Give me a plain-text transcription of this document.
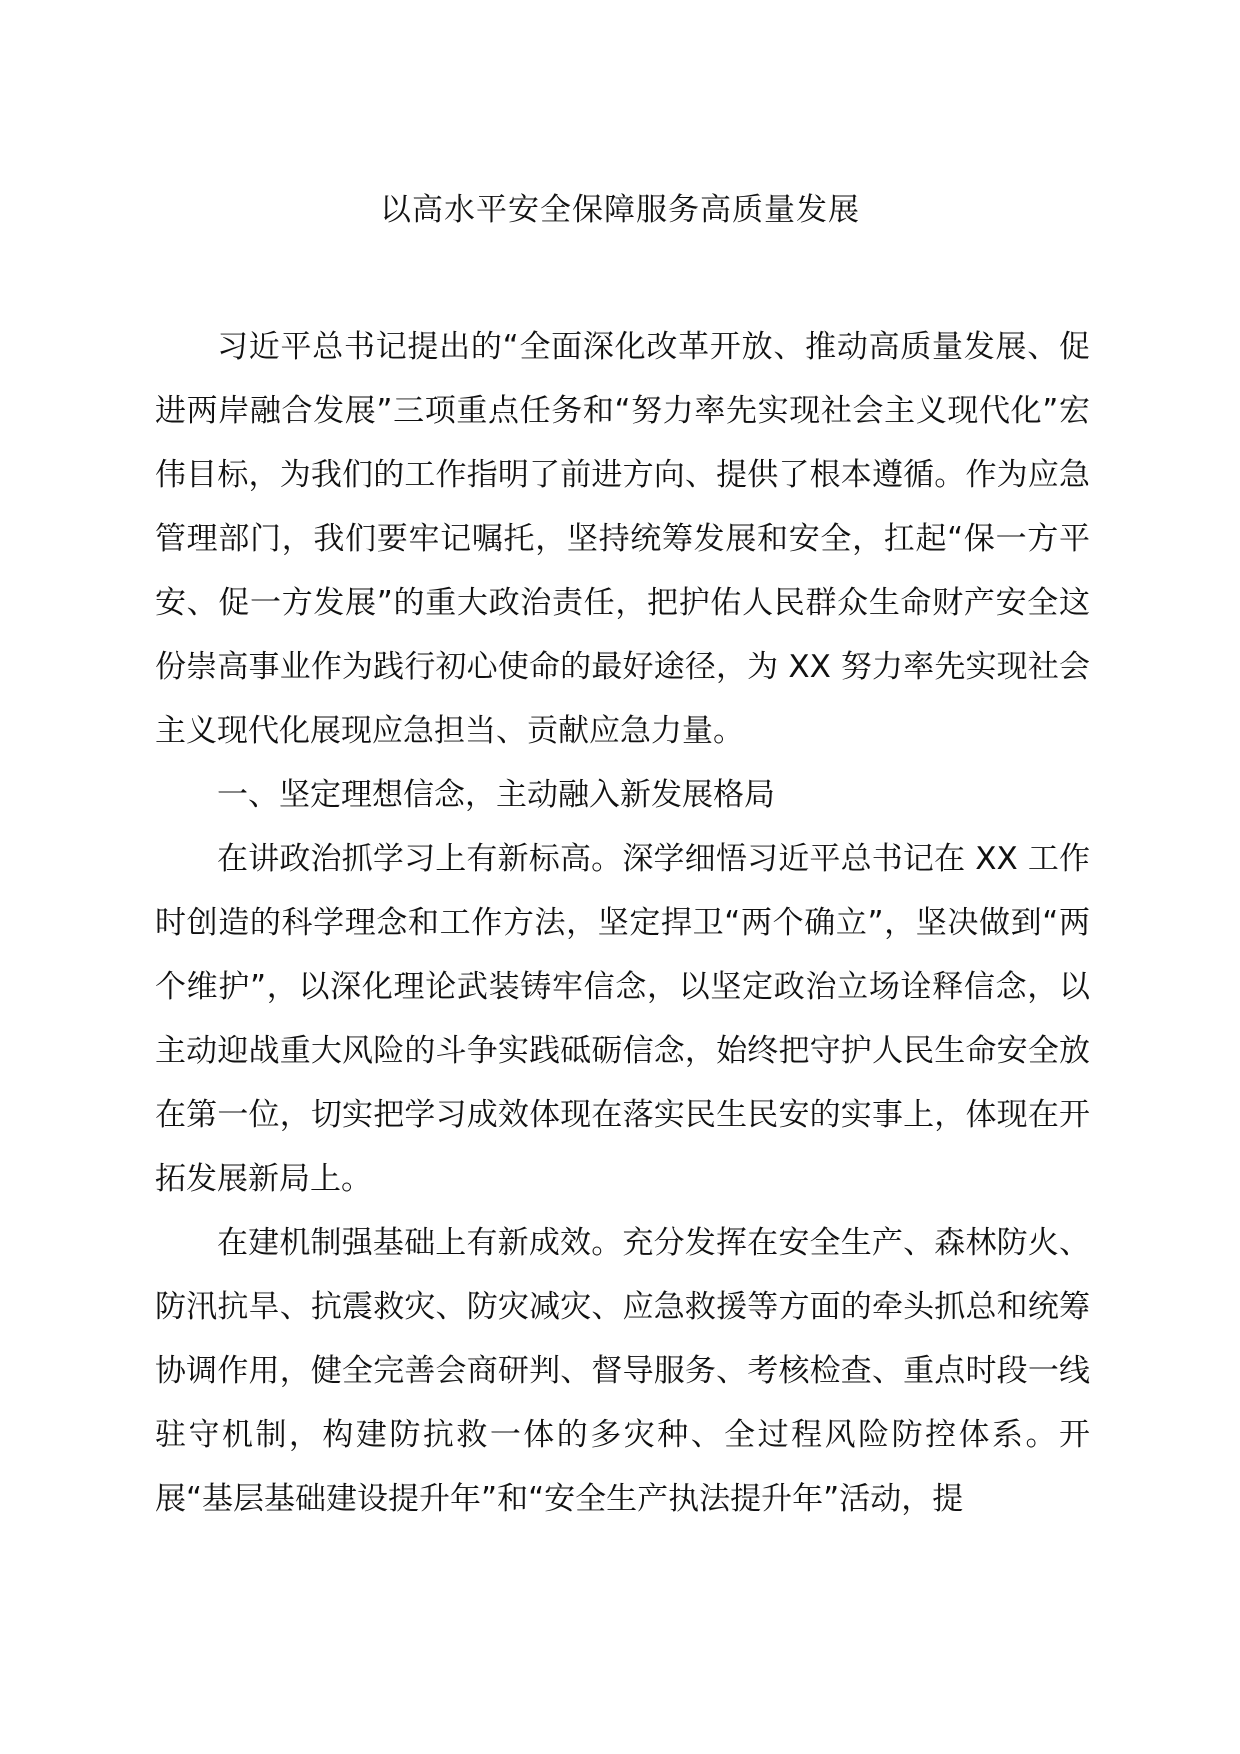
以高水平安全保障服务高质量发展

习近平总书记提出的“全面深化改革开放、推动高质量发展、促进两岸融合发展”三项重点任务和“努力率先实现社会主义现代化”宏伟目标，为我们的工作指明了前进方向、提供了根本遵循。作为应急管理部门，我们要牢记嘱托，坚持统筹发展和安全，扛起“保一方平安、促一方发展”的重大政治责任，把护佑人民群众生命财产安全这份崇高事业作为践行初心使命的最好途径，为 XX 努力率先实现社会主义现代化展现应急担当、贡献应急力量。

一、坚定理想信念，主动融入新发展格局

在讲政治抓学习上有新标高。深学细悟习近平总书记在 XX 工作时创造的科学理念和工作方法，坚定捍卫“两个确立”，坚决做到“两个维护”，以深化理论武装铸牢信念，以坚定政治立场诠释信念，以主动迎战重大风险的斗争实践砥砺信念，始终把守护人民生命安全放在第一位，切实把学习成效体现在落实民生民安的实事上，体现在开拓发展新局上。

在建机制强基础上有新成效。充分发挥在安全生产、森林防火、防汛抗旱、抗震救灾、防灾减灾、应急救援等方面的牵头抓总和统筹协调作用，健全完善会商研判、督导服务、考核检查、重点时段一线驻守机制，构建防抗救一体的多灾种、全过程风险防控体系。开展“基层基础建设提升年”和“安全生产执法提升年”活动，提
